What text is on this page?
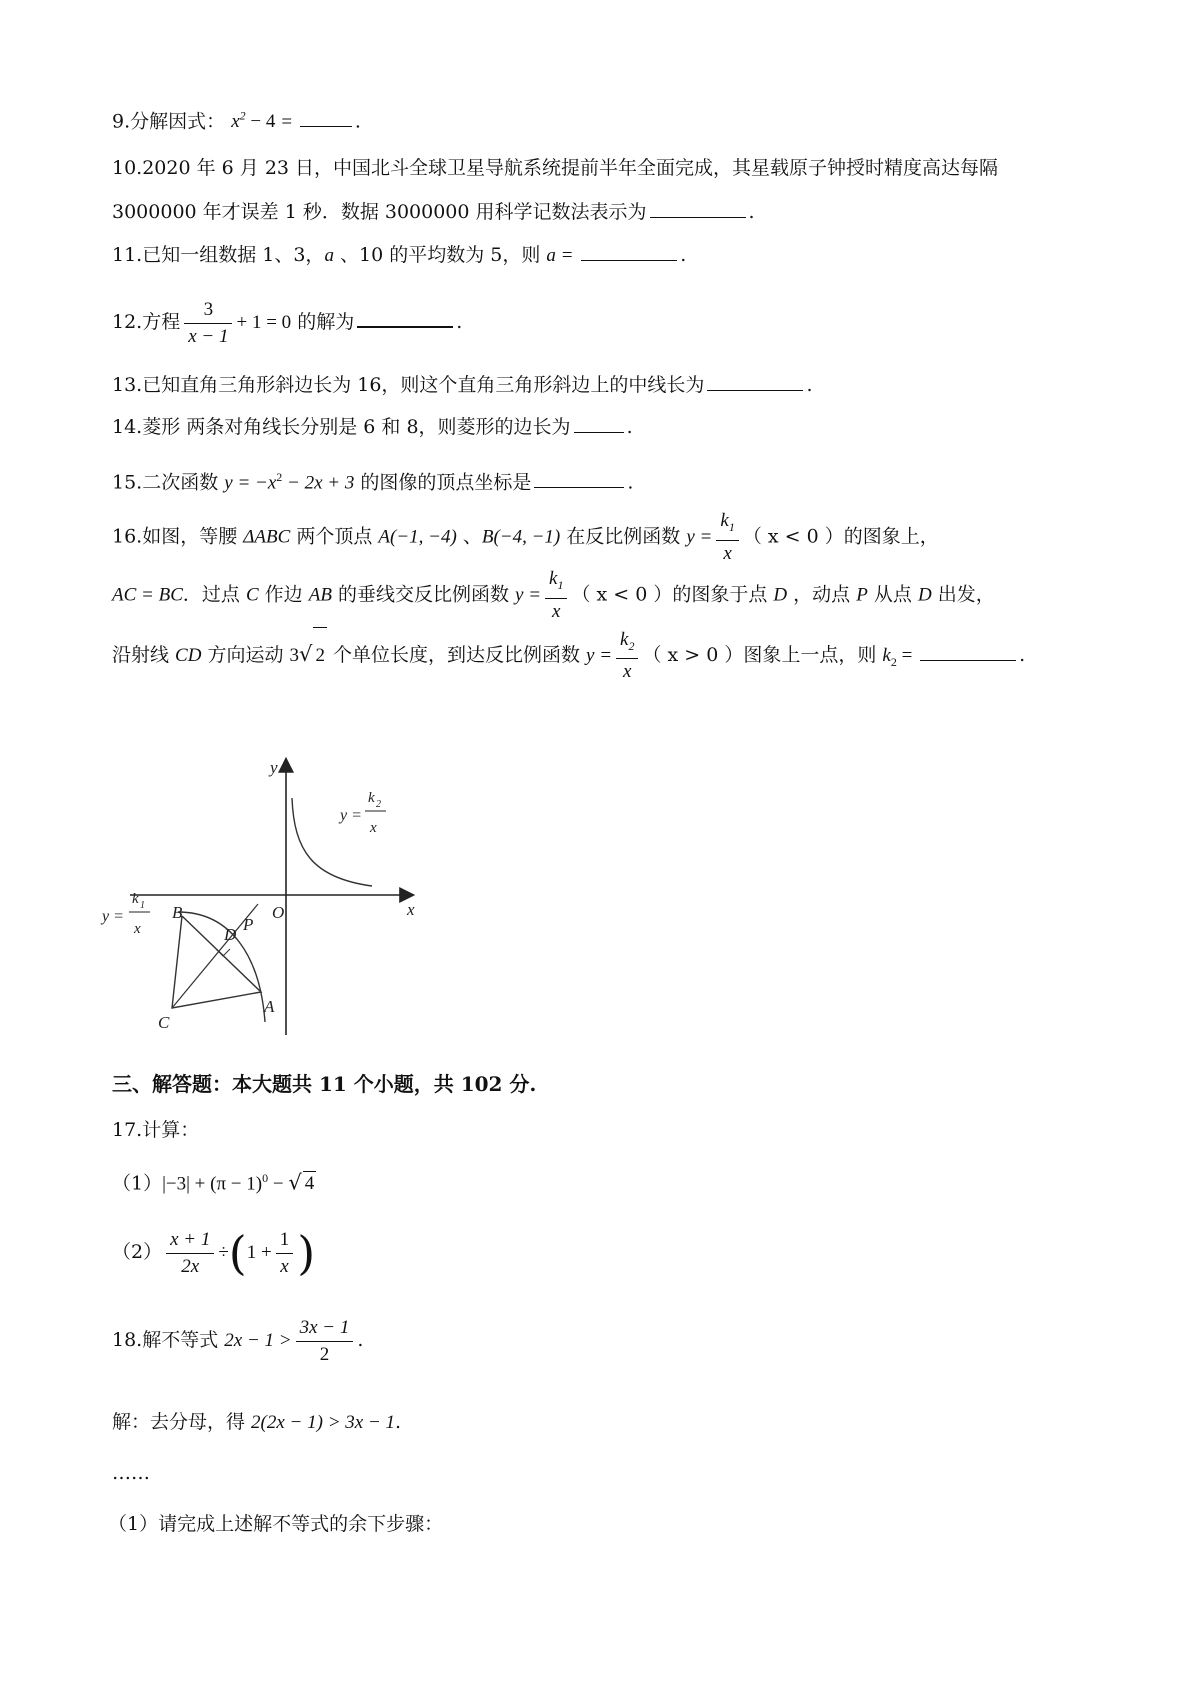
9.分解因式： $x^2 - 4$ =	.
10.2020 年 6 月 23 日，中国北斗全球卫星导航系统提前半年全面完成，其星载原子钟授时精度高达每隔
3000000 年才误差 1 秒．数据 3000000 用科学记数法表示为	.
11.已知一组数据 1、3，a 、10 的平均数为 5，则 a =	.
12.方程 $\frac{3}{x - 1} + 1 = 0$ 的解为	.
13.已知直角三角形斜边长为 16，则这个直角三角形斜边上的中线长为	.
14.菱形 两条对角线长分别是 6 和 8，则菱形的边长为	.
15.二次函数 $y = -x^2 - 2x + 3$ 的图像的顶点坐标是	.
16.如图，等腰 ΔABC 两个顶点 A(−1, −4) 、B(−4, −1) 在反比例函数 $y = \frac{k_1}{x}$ （ x < 0 ）的图象上，
AC = BC．过点 C 作边 AB 的垂线交反比例函数 $y = \frac{k_1}{x}$ （ x < 0 ）的图象于点 D ，动点 P 从点 D 出发，
沿射线 CD 方向运动 3√ 2 个单位长度，到达反比例函数 $y = \frac{k_2}{x}$ （ x > 0 ）图象上一点，则 $k_2$ =	.
y
x
O
B
C
A
D
P
y =
k 2
x
y =
k 1
x
三、解答题：本大题共 11 个小题，共 102 分.
17.计算：
$(1)|-3| + (\pi - 1)^0$ − √ 4
$(2) \frac{x + 1}{2x} \div(1 + \frac{1}{x}$ )
18.解不等式 $2x - 1 > \frac{3x - 1}{2}$ .
解：去分母，得 2(2x − 1) > 3x − 1.
……
（1）请完成上述解不等式的余下步骤：
